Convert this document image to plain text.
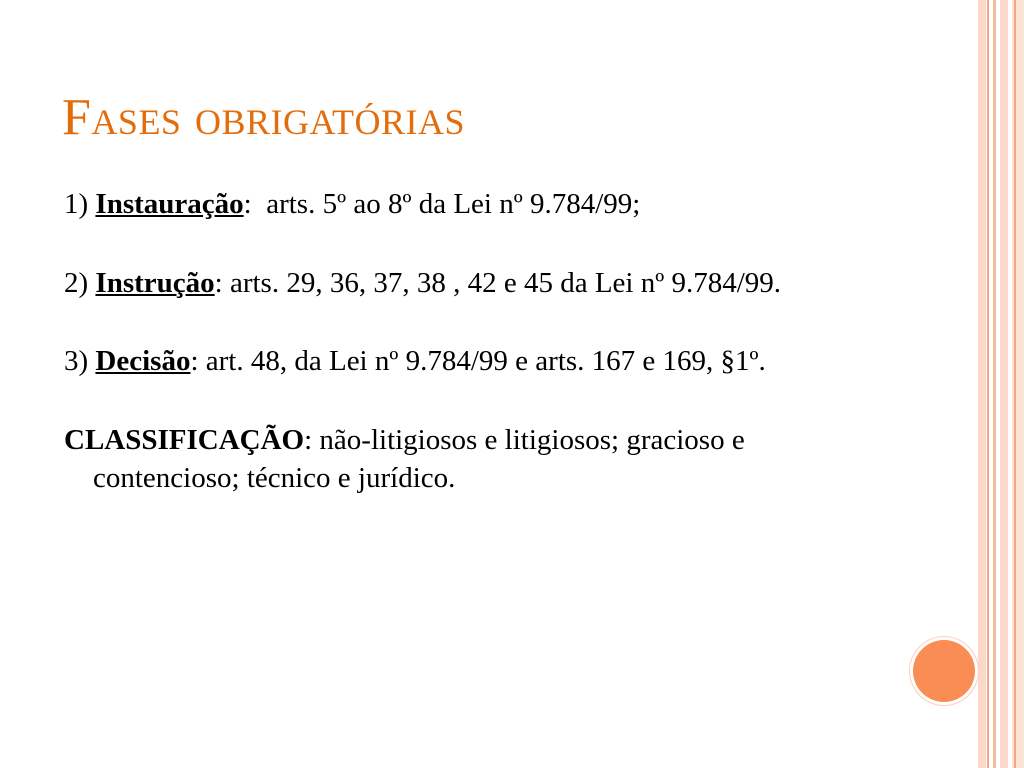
Fases obrigatórias

1) Instauração:  arts. 5º ao 8º da Lei nº 9.784/99;

2) Instrução: arts. 29, 36, 37, 38 , 42 e 45 da Lei nº 9.784/99.

3) Decisão: art. 48, da Lei nº 9.784/99 e arts. 167 e 169, §1º.

CLASSIFICAÇÃO: não-litigiosos e litigiosos; gracioso e contencioso; técnico e jurídico.
